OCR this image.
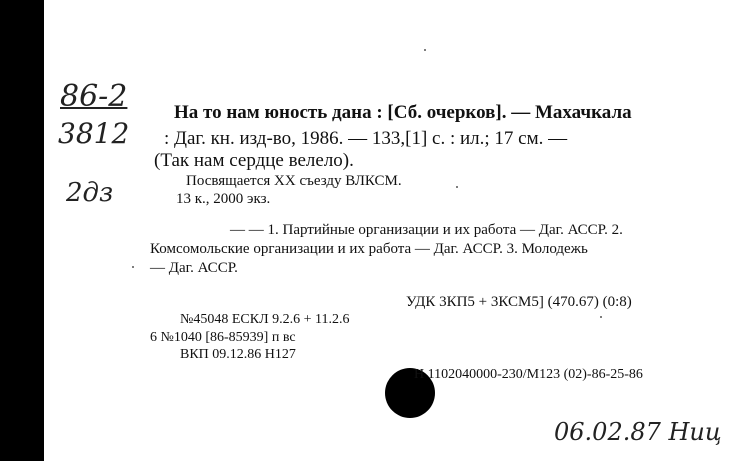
86-2
3812
2дз
На то нам юность дана : [Сб. очерков]. — Махачкала
: Даг. кн. изд-во, 1986. — 133,[1] с. : ил.; 17 см. —
(Так нам сердце велело).
Посвящается XX съезду ВЛКСМ.
13 к., 2000 экз.
— — 1. Партийные организации и их работа — Даг. АССР. 2.
Комсомольские организации и их работа — Даг. АССР. 3. Молодежь
— Даг. АССР.
УДК 3КП5 + 3КСМ5] (470.67) (0:8)
№45048 ЕСКЛ 9.2.6 + 11.2.6
6 №1040 [86-85939] п вс
ВКП 09.12.86 Н127
Н 1102040000-230/М123 (02)-86-25-86
06.02.87 Ниц
